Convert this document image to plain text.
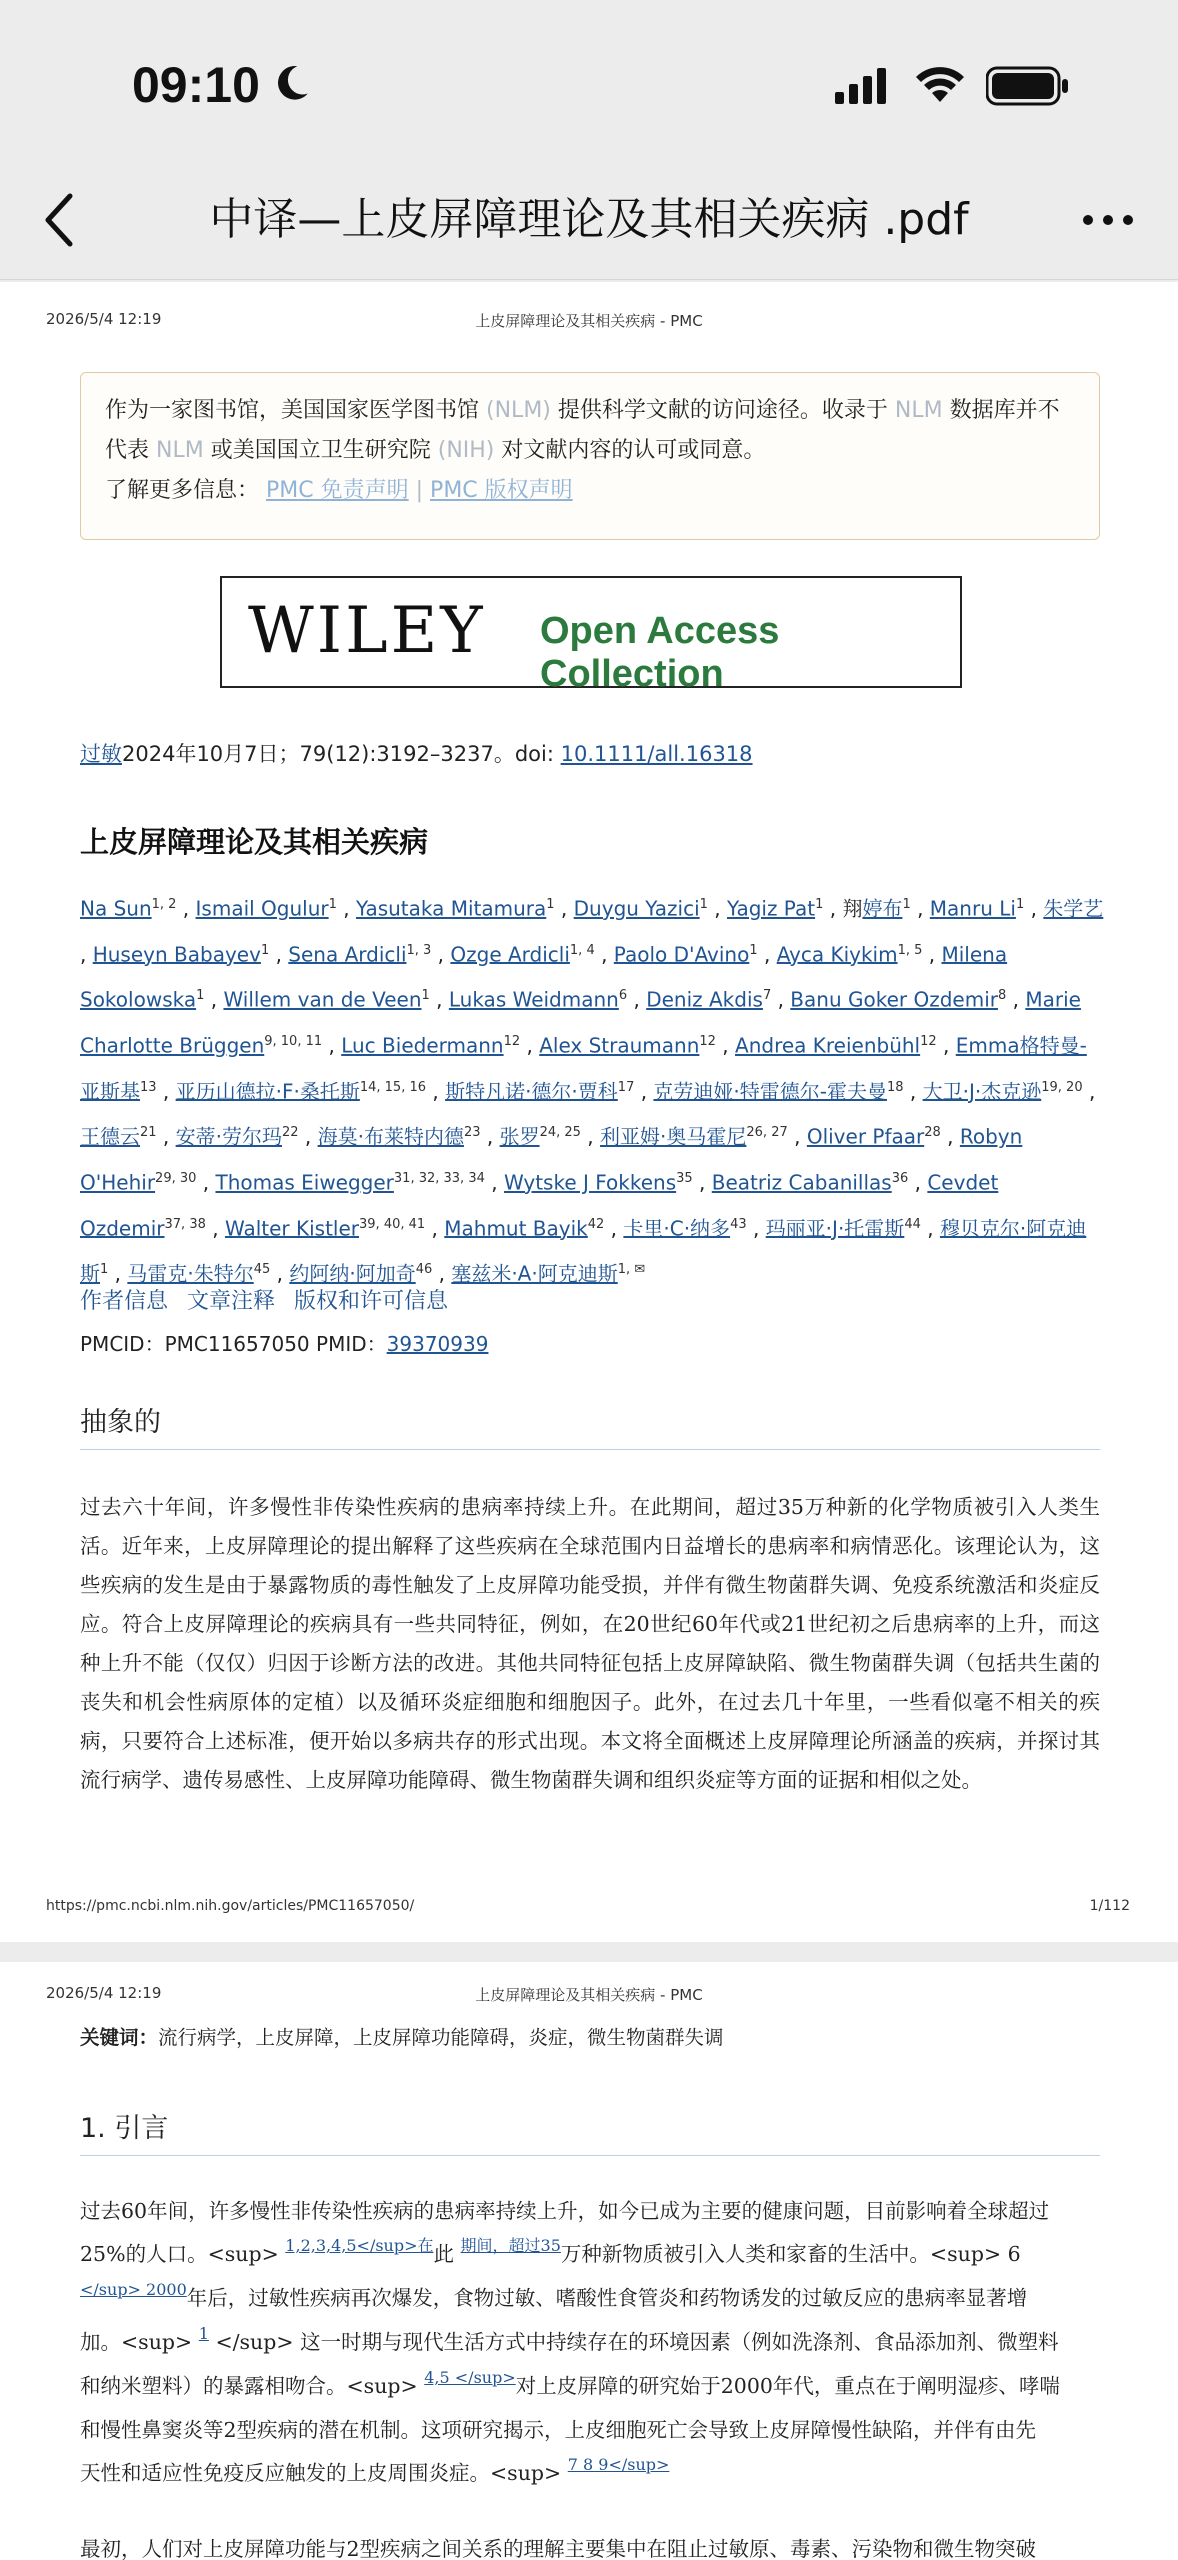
09:10
中译—上皮屏障理论及其相关疾病 .pdf
2026/5/4 12:19	上皮屏障理论及其相关疾病 - PMC
作为一家图书馆，美国国家医学图书馆 (NLM) 提供科学文献的访问途径。收录于 NLM 数据库并不代表 NLM 或美国国立卫生研究院 (NIH) 对文献内容的认可或同意。
了解更多信息： PMC 免责声明 | PMC 版权声明
WILEY Open Access Collection
过敏2024年10月7日；79(12):3192–3237。doi: 10.1111/all.16318
上皮屏障理论及其相关疾病
Na Sun$^{1, 2}$ , Ismail Ogulur$^1$ , Yasutaka Mitamura$^1$ , Duygu Yazici$^1$ , Yagiz Pat$^1$ , 翔婷布$^1$ , Manru Li$^1$ , 朱学艺 , Huseyn Babayev$^1$ , Sena Ardicli$^{1, 3}$ , Ozge Ardicli$^{1, 4}$ , Paolo D'Avino$^1$ , Ayca Kiykim$^{1, 5}$ , Milena Sokolowska$^1$ , Willem van de Veen$^1$ , Lukas Weidmann$^6$ , Deniz Akdis$^7$ , Banu Goker Ozdemir$^8$ , Marie Charlotte Brüggen$^{9, 10, 11}$ , Luc Biedermann$^{12}$ , Alex Straumann$^{12}$ , Andrea Kreienbühl$^{12}$ , Emma格特曼-亚斯基$^{13}$ , 亚历山德拉·F·桑托斯$^{14, 15, 16}$ , 斯特凡诺·德尔·贾科$^{17}$ , 克劳迪娅·特雷德尔-霍夫曼$^{18}$ , 大卫·J·杰克逊$^{19, 20}$ , 王德云$^{21}$ , 安蒂·劳尔玛$^{22}$ , 海莫·布莱特内德$^{23}$ , 张罗$^{24, 25}$ , 利亚姆·奥马霍尼$^{26, 27}$ , Oliver Pfaar$^{28}$ , Robyn O'Hehir$^{29, 30}$ , Thomas Eiwegger$^{31, 32, 33, 34}$ , Wytske J Fokkens$^{35}$ , Beatriz Cabanillas$^{36}$ , Cevdet Ozdemir$^{37, 38}$ , Walter Kistler$^{39, 40, 41}$ , Mahmut Bayik$^{42}$ , 卡里·C·纳多$^{43}$ , 玛丽亚·J·托雷斯$^{44}$ , 穆贝克尔·阿克迪斯$^1$ , 马雷克·朱特尔$^{45}$ , 约阿纳·阿加奇$^{46}$ , 塞兹米·A·阿克迪斯$^{1, ✉}$
作者信息 文章注释 版权和许可信息
PMCID：PMC11657050 PMID：39370939
抽象的
过去六十年间，许多慢性非传染性疾病的患病率持续上升。在此期间，超过35万种新的化学物质被引入人类生活。近年来，上皮屏障理论的提出解释了这些疾病在全球范围内日益增长的患病率和病情恶化。该理论认为，这些疾病的发生是由于暴露物质的毒性触发了上皮屏障功能受损，并伴有微生物菌群失调、免疫系统激活和炎症反应。符合上皮屏障理论的疾病具有一些共同特征，例如，在20世纪60年代或21世纪初之后患病率的上升，而这种上升不能（仅仅）归因于诊断方法的改进。其他共同特征包括上皮屏障缺陷、微生物菌群失调（包括共生菌的丧失和机会性病原体的定植）以及循环炎症细胞和细胞因子。此外，在过去几十年里，一些看似毫不相关的疾病，只要符合上述标准，便开始以多病共存的形式出现。本文将全面概述上皮屏障理论所涵盖的疾病，并探讨其流行病学、遗传易感性、上皮屏障功能障碍、微生物菌群失调和组织炎症等方面的证据和相似之处。
https://pmc.ncbi.nlm.nih.gov/articles/PMC11657050/	1/112
2026/5/4 12:19	上皮屏障理论及其相关疾病 - PMC
关键词：流行病学，上皮屏障，上皮屏障功能障碍，炎症，微生物菌群失调
1. 引言
过去60年间，许多慢性非传染性疾病的患病率持续上升，如今已成为主要的健康问题，目前影响着全球超过
25%的人口。<sup> $^{1,2,3,4,5</sup>在}$此 $^{期间,超过35}$万种新物质被引入人类和家畜的生活中。<sup> 6
$^{</sup> 2000}$年后，过敏性疾病再次爆发，食物过敏、嗜酸性食管炎和药物诱发的过敏反应的患病率显著增
加。<sup> $^1$ </sup> 这一时期与现代生活方式中持续存在的环境因素（例如洗涤剂、食品添加剂、微塑料
和纳米塑料）的暴露相吻合。<sup> $^{4,5 </sup>}$对上皮屏障的研究始于2000年代，重点在于阐明湿疹、哮喘
和慢性鼻窦炎等2型疾病的潜在机制。这项研究揭示，上皮细胞死亡会导致上皮屏障慢性缺陷，并伴有由先
天性和适应性免疫反应触发的上皮周围炎症。<sup> $^{7 8 9</sup>}$
最初，人们对上皮屏障功能与2型疾病之间关系的理解主要集中在阻止过敏原、毒素、污染物和微生物突破
